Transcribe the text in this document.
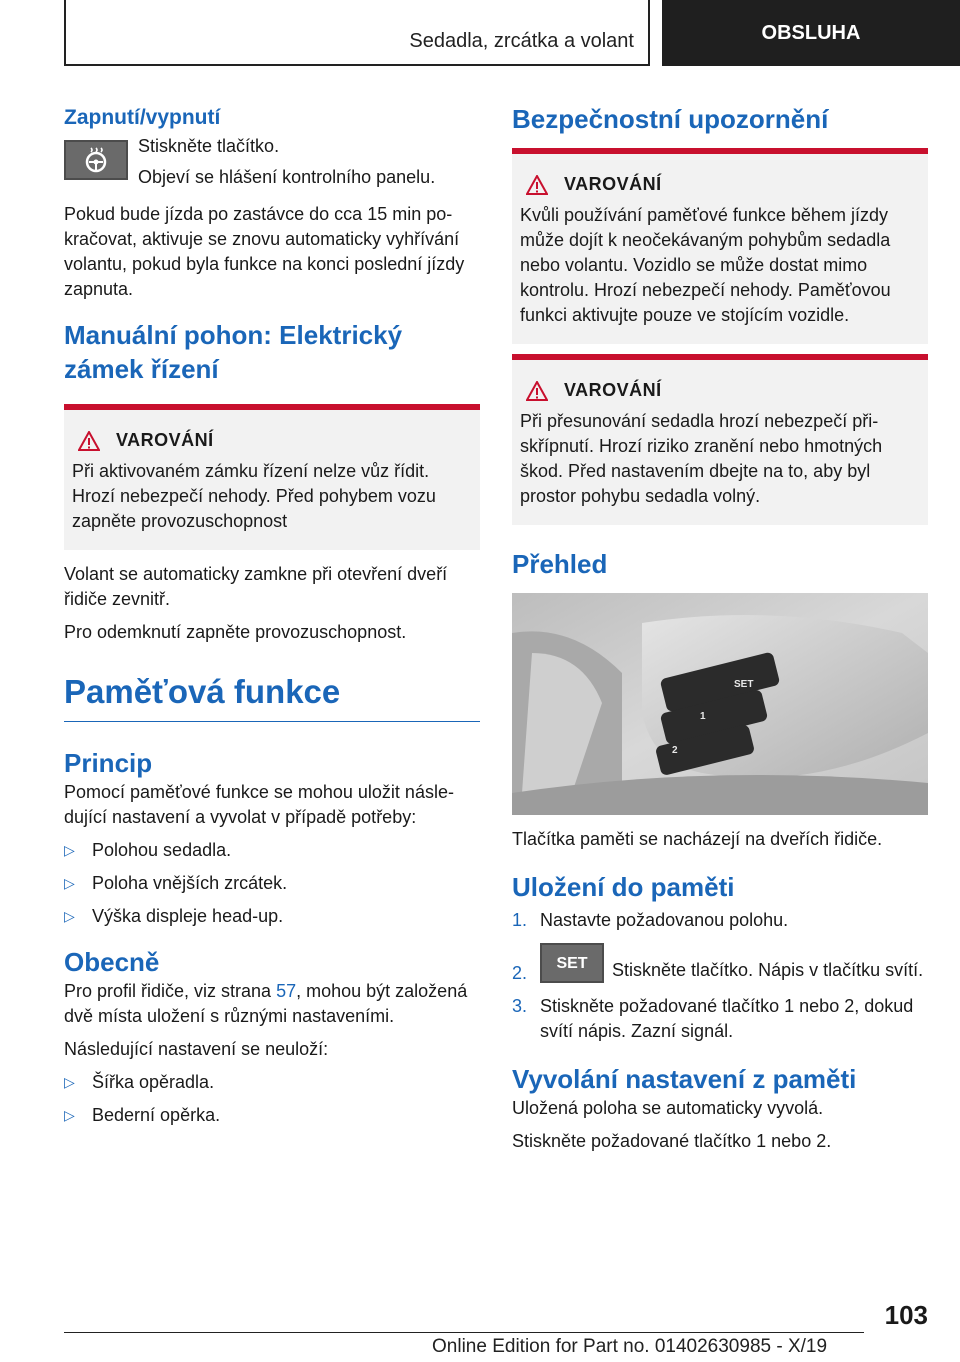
Sedadla, zrcátka a volant	OBSLUHA
Zapnutí/vypnutí

Stiskněte tlačítko.

Objeví se hlášení kontrolního panelu.

Pokud bude jízda po zastávce do cca 15 min pokračovat, aktivuje se znovu automaticky vyhřívání volantu, pokud byla funkce na konci poslední jízdy zapnuta.

Manuální pohon: Elektrický zámek řízení
VAROVÁNÍ

Při aktivovaném zámku řízení nelze vůz řídit. Hrozí nebezpečí nehody. Před pohybem vozu zapněte provozuschopnost

Volant se automaticky zamkne při otevření dveří řidiče zevnitř.

Pro odemknutí zapněte provozuschopnost.

Paměťová funkce
Princip

Pomocí paměťové funkce se mohou uložit následující nastavení a vyvolat v případě potřeby:

▷ Polohou sedadla.
▷ Poloha vnějších zrcátek.
▷ Výška displeje head-up.
Obecně

Pro profil řidiče, viz strana 57, mohou být založená dvě místa uložení s různými nastaveními.

Následující nastavení se neuloží:

▷ Šířka opěradla.
▷ Bederní opěrka.
Bezpečnostní upozornění
VAROVÁNÍ

Kvůli používání paměťové funkce během jízdy může dojít k neočekávaným pohybům sedadla nebo volantu. Vozidlo se může dostat mimo kontrolu. Hrozí nebezpečí nehody. Paměťovou funkci aktivujte pouze ve stojícím vozidle.

VAROVÁNÍ

Při přesunování sedadla hrozí nebezpečí přiskřípnutí. Hrozí riziko zranění nebo hmotných škod. Před nastavením dbejte na to, aby byl prostor pohybu sedadla volný.

Přehled
SET
1
2

Tlačítka paměti se nacházejí na dveřích řidiče.

Uložení do paměti
1. Nastavte požadovanou polohu.
2.	SET Stiskněte tlačítko. Nápis v tlačítku svítí.
3. Stiskněte požadované tlačítko 1 nebo 2, dokud svítí nápis. Zazní signál.
Vyvolání nastavení z paměti

Uložená poloha se automaticky vyvolá.

Stiskněte požadované tlačítko 1 nebo 2.

103
Online Edition for Part no. 01402630985 - X/19
